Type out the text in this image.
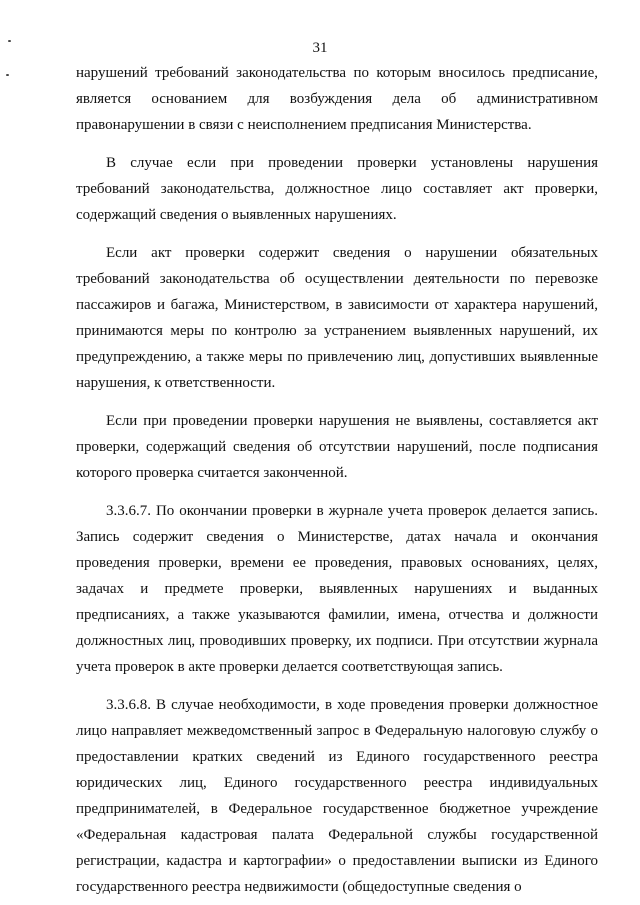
31

нарушений требований законодательства по которым вносилось предписание, является основанием для возбуждения дела об административном правонарушении в связи с неисполнением предписания Министерства.

В случае если при проведении проверки установлены нарушения требований законодательства, должностное лицо составляет акт проверки, содержащий сведения о выявленных нарушениях.

Если акт проверки содержит сведения о нарушении обязательных требований законодательства об осуществлении деятельности по перевозке пассажиров и багажа, Министерством, в зависимости от характера нарушений, принимаются меры по контролю за устранением выявленных нарушений, их предупреждению, а также меры по привлечению лиц, допустивших выявленные нарушения, к ответственности.

Если при проведении проверки нарушения не выявлены, составляется акт проверки, содержащий сведения об отсутствии нарушений, после подписания которого проверка считается законченной.

3.3.6.7. По окончании проверки в журнале учета проверок делается запись. Запись содержит сведения о Министерстве, датах начала и окончания проведения проверки, времени ее проведения, правовых основаниях, целях, задачах и предмете проверки, выявленных нарушениях и выданных предписаниях, а также указываются фамилии, имена, отчества и должности должностных лиц, проводивших проверку, их подписи. При отсутствии журнала учета проверок в акте проверки делается соответствующая запись.

3.3.6.8. В случае необходимости, в ходе проведения проверки должностное лицо направляет межведомственный запрос в Федеральную налоговую службу о предоставлении кратких сведений из Единого государственного реестра юридических лиц, Единого государственного реестра индивидуальных предпринимателей, в Федеральное государственное бюджетное учреждение «Федеральная кадастровая палата Федеральной службы государственной регистрации, кадастра и картографии» о предоставлении выписки из Единого государственного реестра недвижимости (общедоступные сведения о
